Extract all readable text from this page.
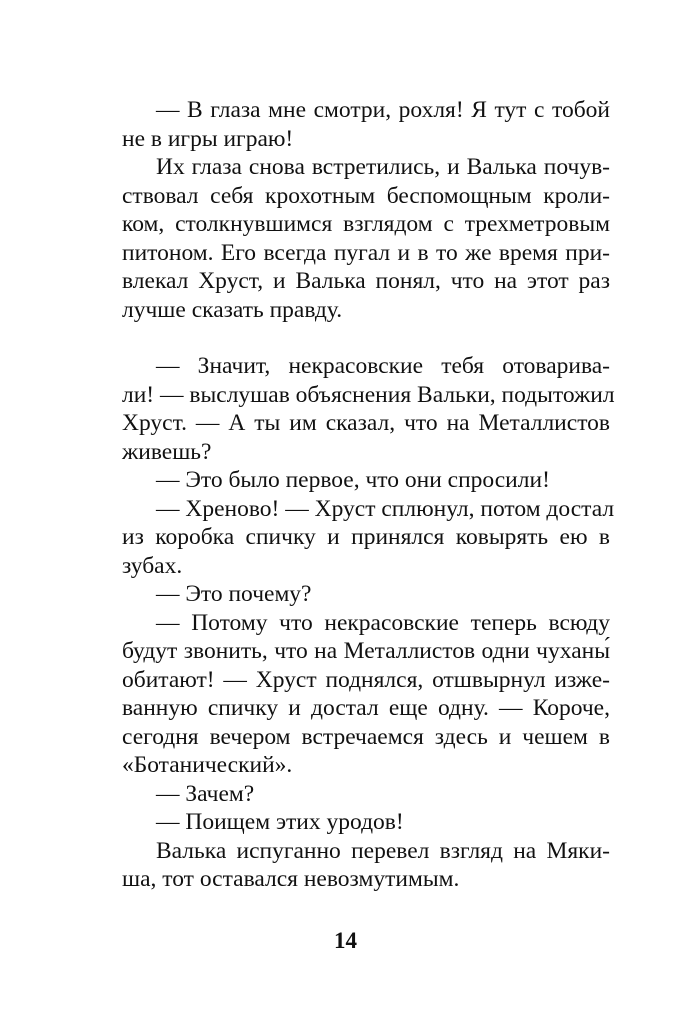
— В глаза мне смотри, рохля! Я тут с тобой
не в игры играю!
Их глаза снова встретились, и Валька почув-
ствовал себя крохотным беспомощным кроли-
ком, столкнувшимся взглядом с трехметровым
питоном. Его всегда пугал и в то же время при-
влекал Хруст, и Валька понял, что на этот раз
лучше сказать правду.
— Значит, некрасовские тебя отоварива-
ли! — выслушав объяснения Вальки, подытожил
Хруст. — А ты им сказал, что на Металлистов
живешь?
— Это было первое, что они спросили!
— Хреново! — Хруст сплюнул, потом достал
из коробка спичку и принялся ковырять ею в
зубах.
— Это почему?
— Потому что некрасовские теперь всюду
будут звонить, что на Металлистов одни чуханы́
обитают! — Хруст поднялся, отшвырнул изже-
ванную спичку и достал еще одну. — Короче,
сегодня вечером встречаемся здесь и чешем в
«Ботанический».
— Зачем?
— Поищем этих уродов!
Валька испуганно перевел взгляд на Мяки-
ша, тот оставался невозмутимым.
14
